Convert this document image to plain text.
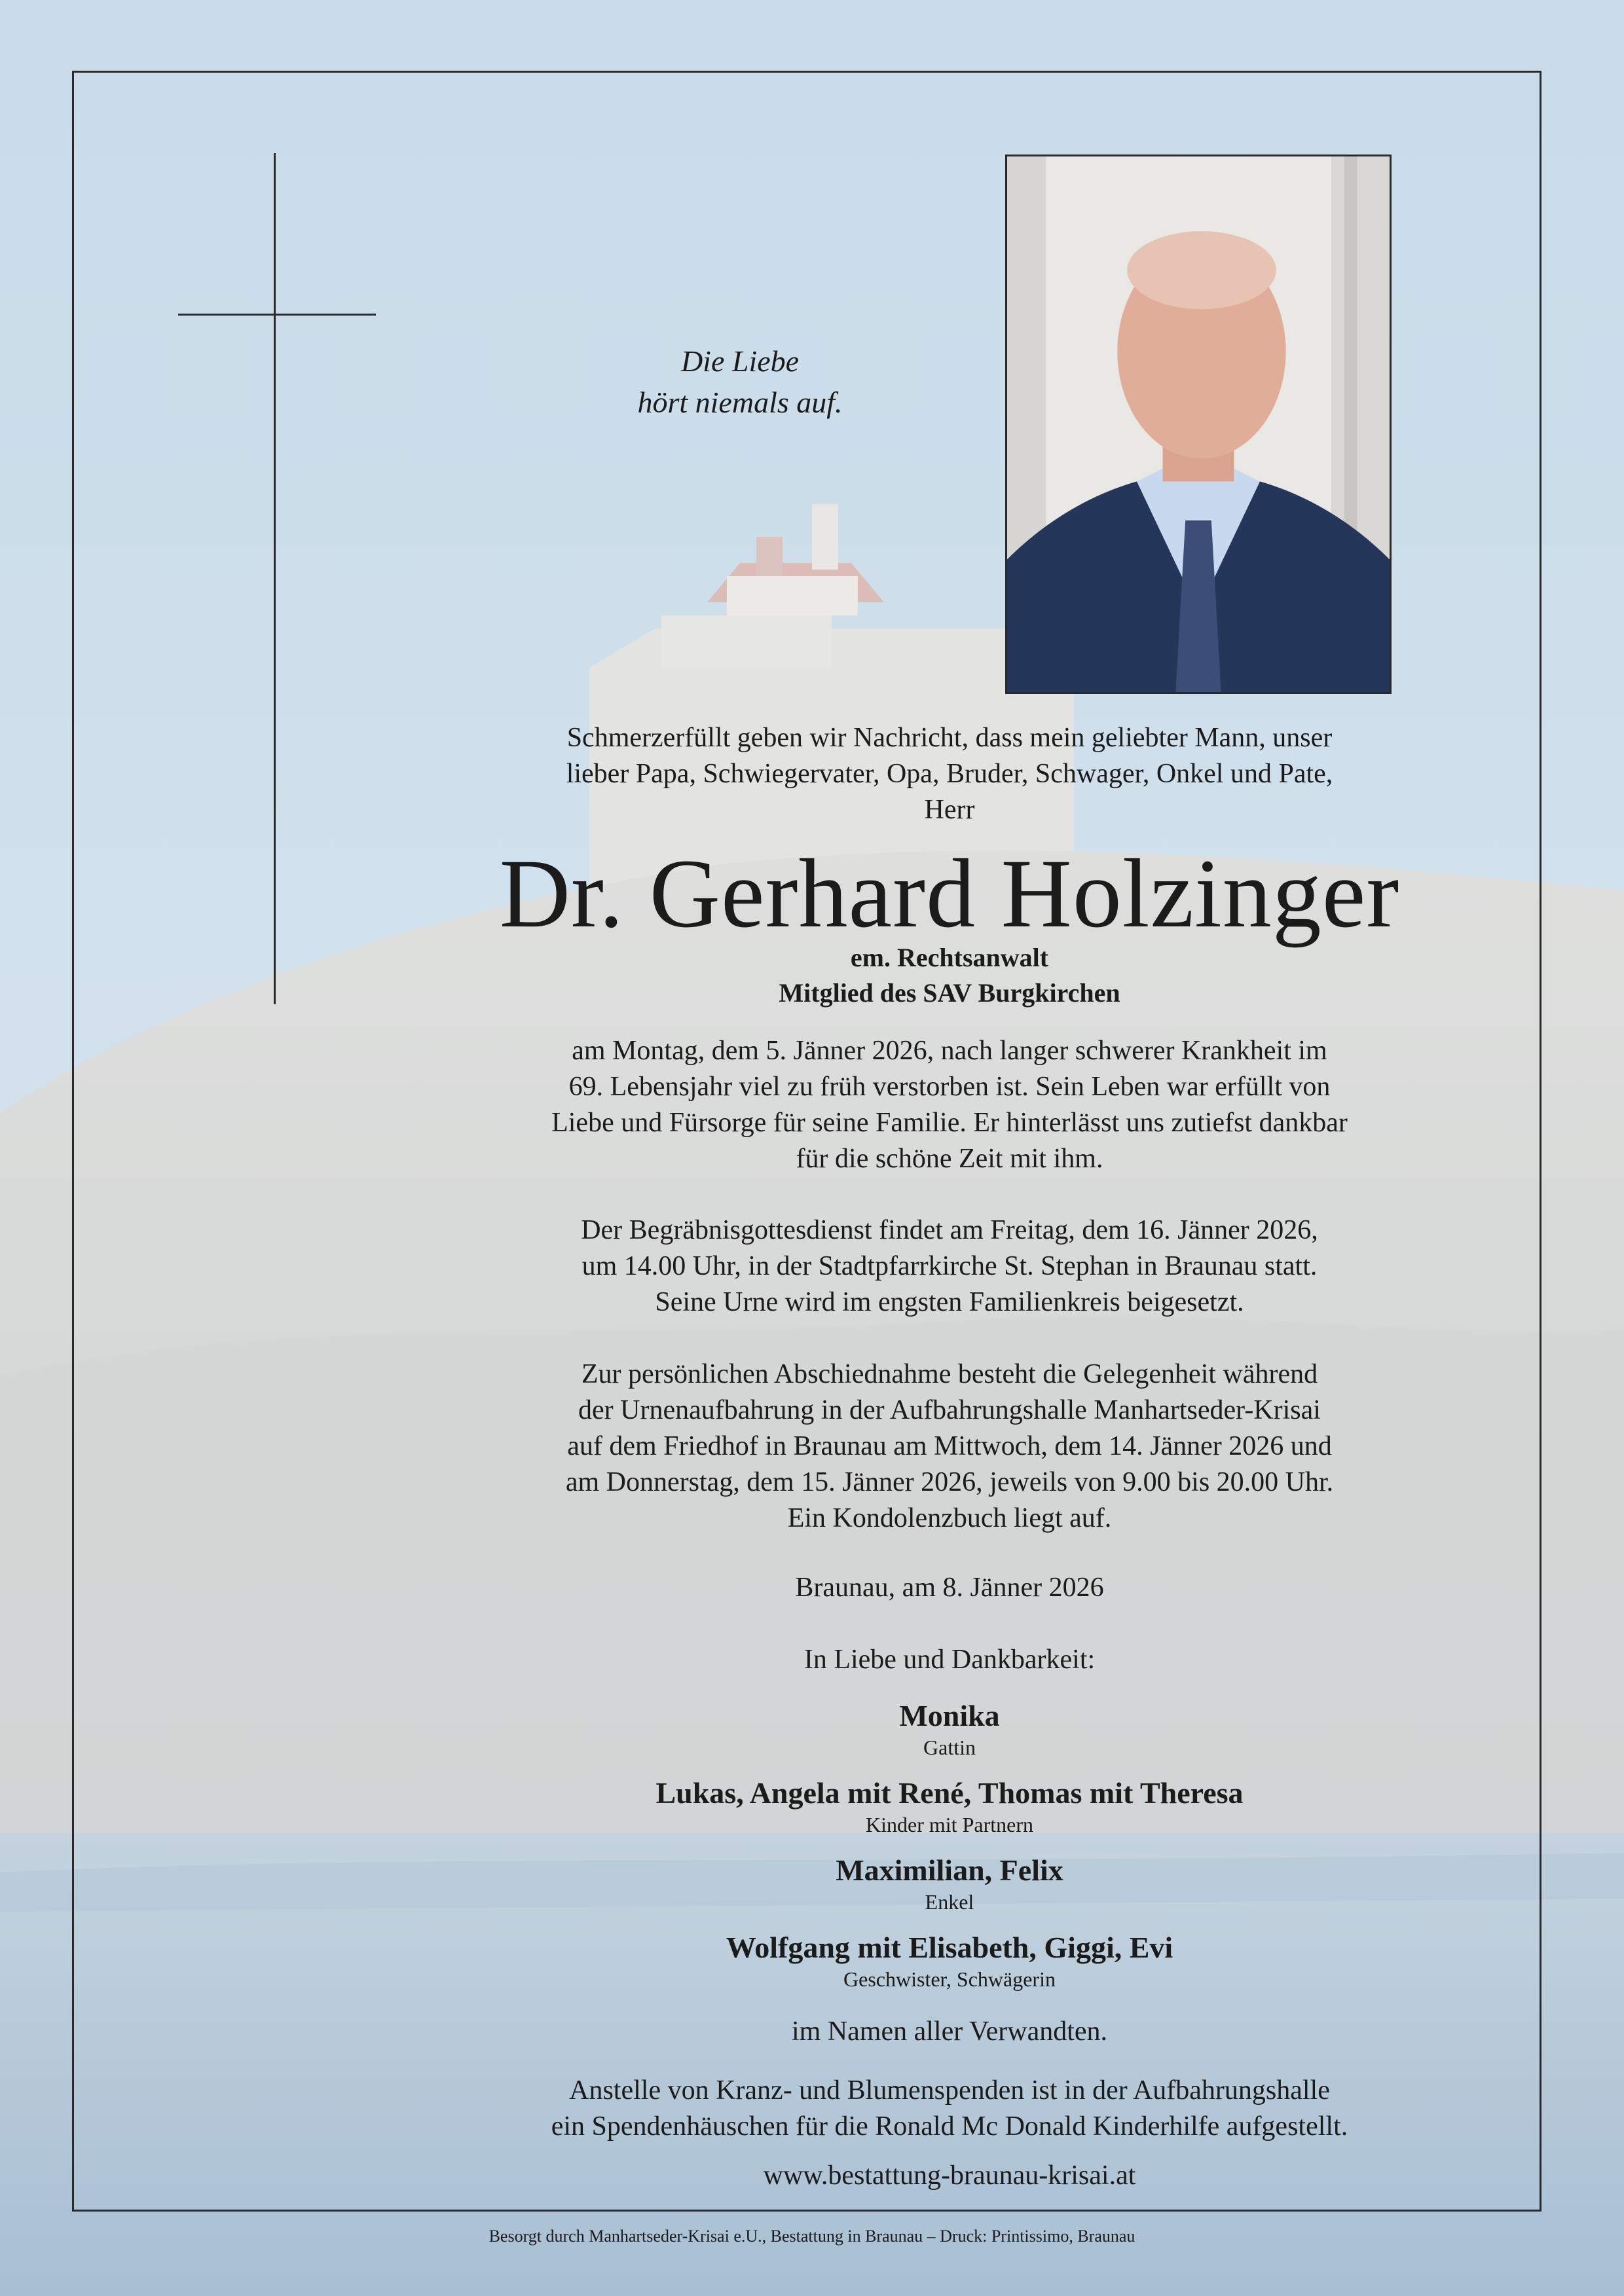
Die Liebe
hört niemals auf.
Schmerzerfüllt geben wir Nachricht, dass mein geliebter Mann, unser
lieber Papa, Schwiegervater, Opa, Bruder, Schwager, Onkel und Pate,
Herr
Dr. Gerhard Holzinger
em. Rechtsanwalt
Mitglied des SAV Burgkirchen
am Montag, dem 5. Jänner 2026, nach langer schwerer Krankheit im
69. Lebensjahr viel zu früh verstorben ist. Sein Leben war erfüllt von
Liebe und Fürsorge für seine Familie. Er hinterlässt uns zutiefst dankbar
für die schöne Zeit mit ihm.
Der Begräbnisgottesdienst findet am Freitag, dem 16. Jänner 2026,
um 14.00 Uhr, in der Stadtpfarrkirche St. Stephan in Braunau statt.
Seine Urne wird im engsten Familienkreis beigesetzt.
Zur persönlichen Abschiednahme besteht die Gelegenheit während
der Urnenaufbahrung in der Aufbahrungshalle Manhartseder-Krisai
auf dem Friedhof in Braunau am Mittwoch, dem 14. Jänner 2026 und
am Donnerstag, dem 15. Jänner 2026, jeweils von 9.00 bis 20.00 Uhr.
Ein Kondolenzbuch liegt auf.
Braunau, am 8. Jänner 2026
In Liebe und Dankbarkeit:
Monika
Gattin
Lukas, Angela mit René, Thomas mit Theresa
Kinder mit Partnern
Maximilian, Felix
Enkel
Wolfgang mit Elisabeth, Giggi, Evi
Geschwister, Schwägerin
im Namen aller Verwandten.
Anstelle von Kranz- und Blumenspenden ist in der Aufbahrungshalle
ein Spendenhäuschen für die Ronald Mc Donald Kinderhilfe aufgestellt.
www.bestattung-braunau-krisai.at
Besorgt durch Manhartseder-Krisai e.U., Bestattung in Braunau – Druck: Printissimo, Braunau
